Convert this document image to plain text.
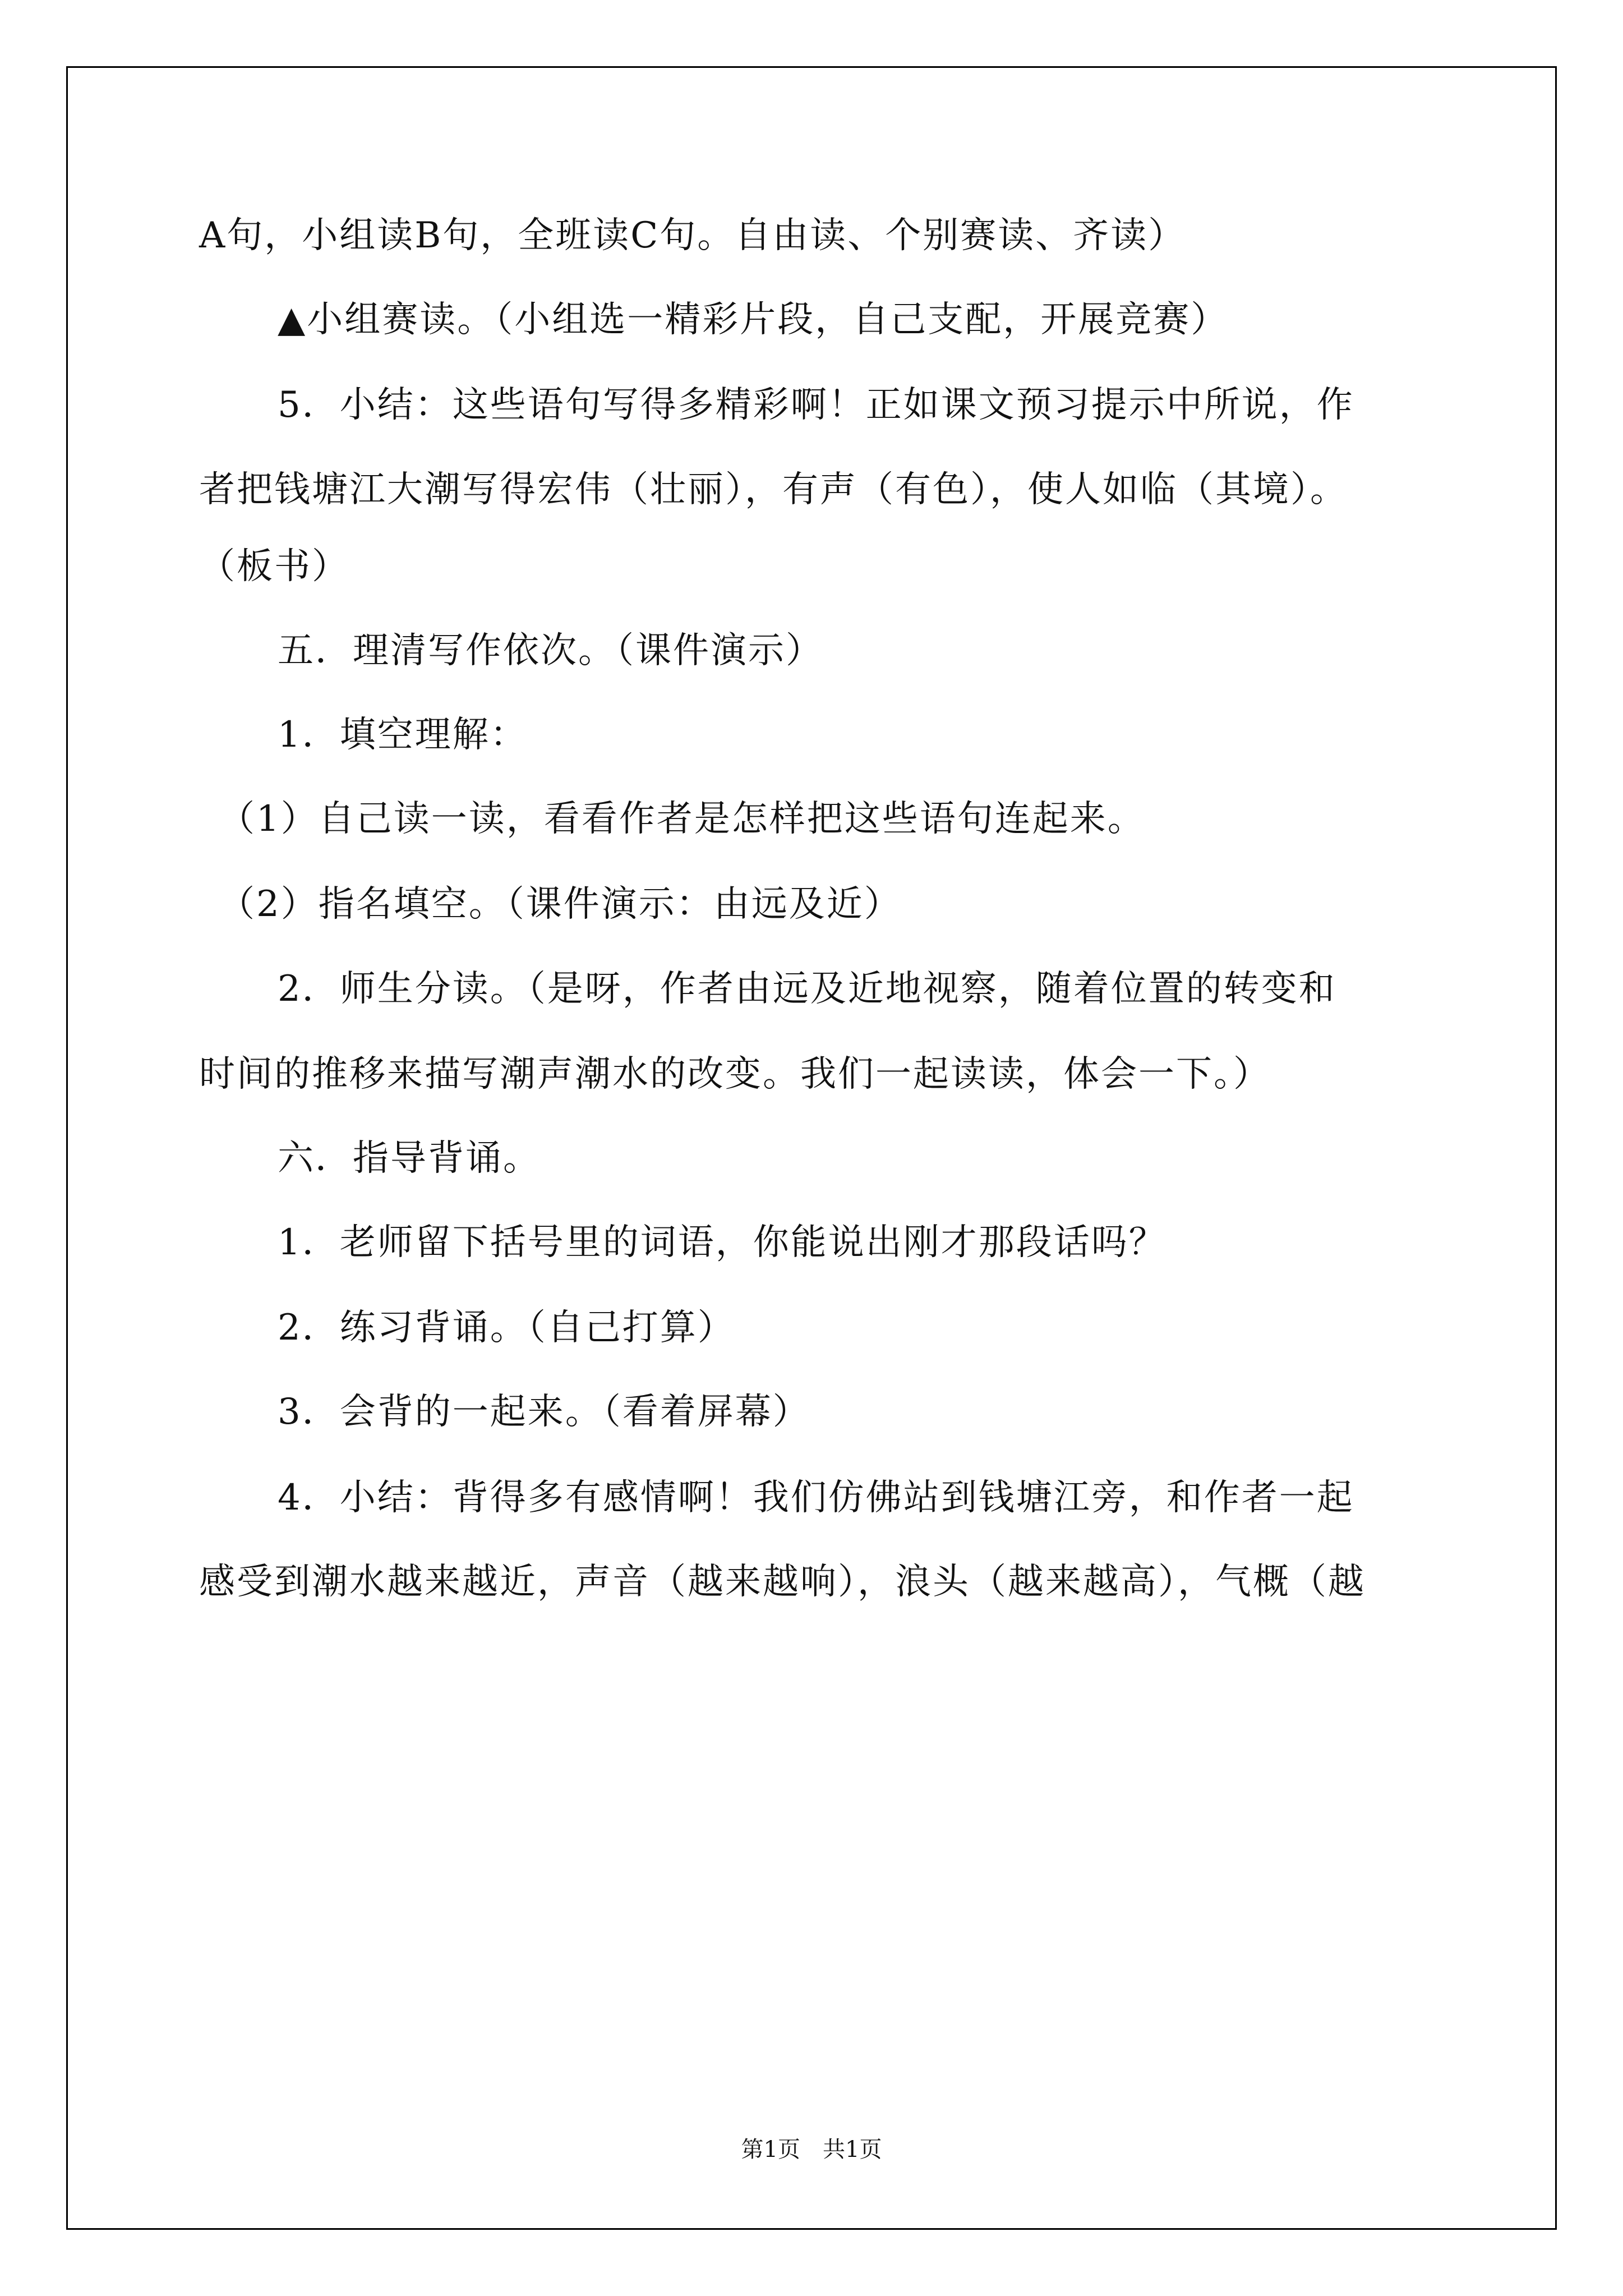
A句，小组读B句，全班读C句。自由读、个别赛读、齐读）
▲小组赛读。（小组选一精彩片段，自己支配，开展竞赛）
5．小结：这些语句写得多精彩啊！正如课文预习提示中所说，作
者把钱塘江大潮写得宏伟（壮丽），有声（有色），使人如临（其境）。
（板书）
五．理清写作依次。（课件演示）
1．填空理解：
（1）自己读一读，看看作者是怎样把这些语句连起来。
（2）指名填空。（课件演示：由远及近）
2．师生分读。（是呀，作者由远及近地视察，随着位置的转变和
时间的推移来描写潮声潮水的改变。我们一起读读，体会一下。）
六．指导背诵。
1．老师留下括号里的词语，你能说出刚才那段话吗？
2．练习背诵。（自己打算）
3．会背的一起来。（看着屏幕）
4．小结：背得多有感情啊！我们仿佛站到钱塘江旁，和作者一起
感受到潮水越来越近，声音（越来越响），浪头（越来越高），气概（越
第1页　共1页
